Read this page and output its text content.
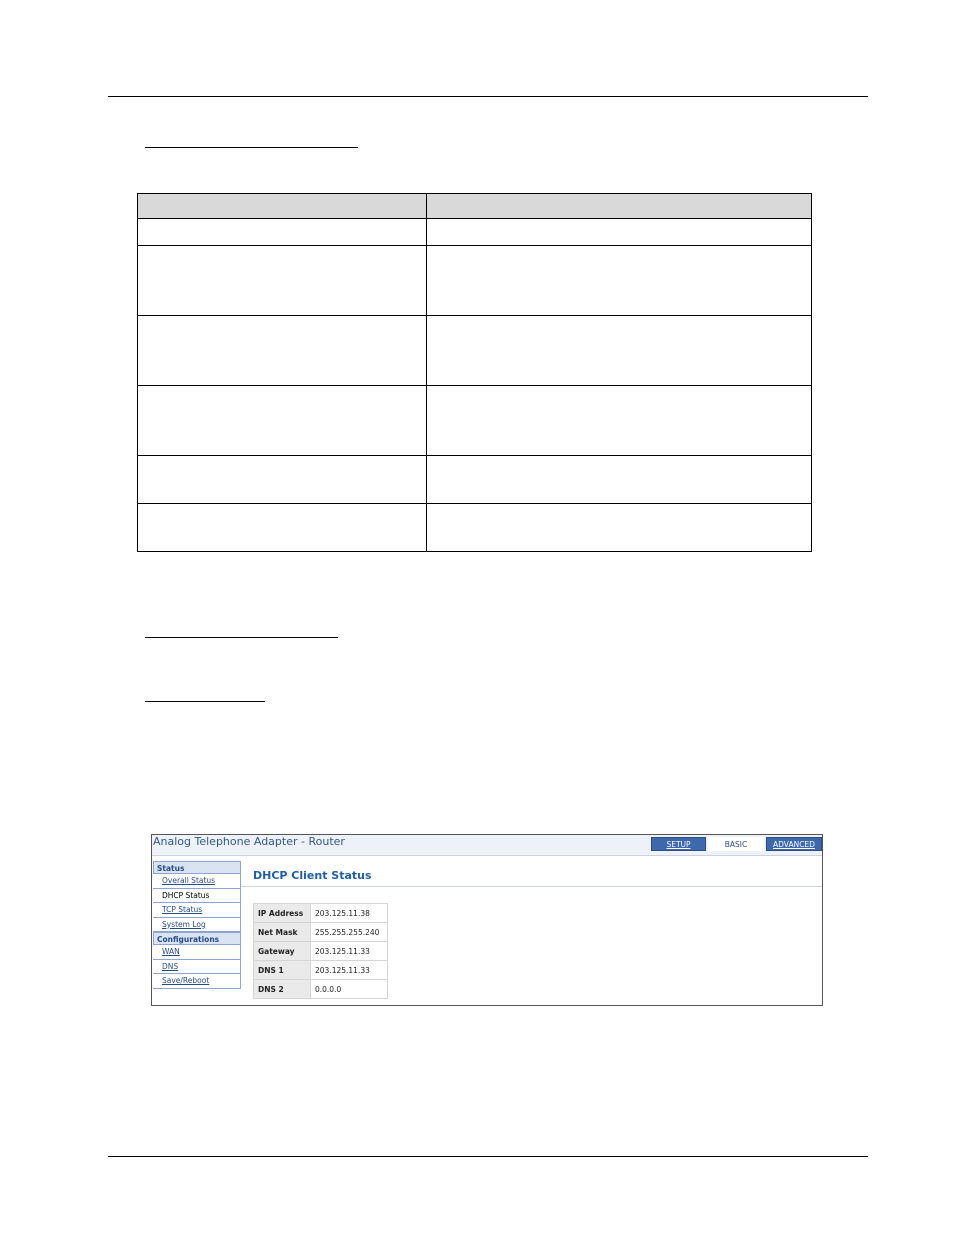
Analog Telephone Adapter - Router	SETUP	BASIC	ADVANCED
Status
Overall Status
DHCP Status
TCP Status
System Log
Configurations
WAN
DNS
Save/Reboot
DHCP Client Status
IP Address	203.125.11.38
Net Mask	255.255.255.240
Gateway	203.125.11.33
DNS 1	203.125.11.33
DNS 2	0.0.0.0
